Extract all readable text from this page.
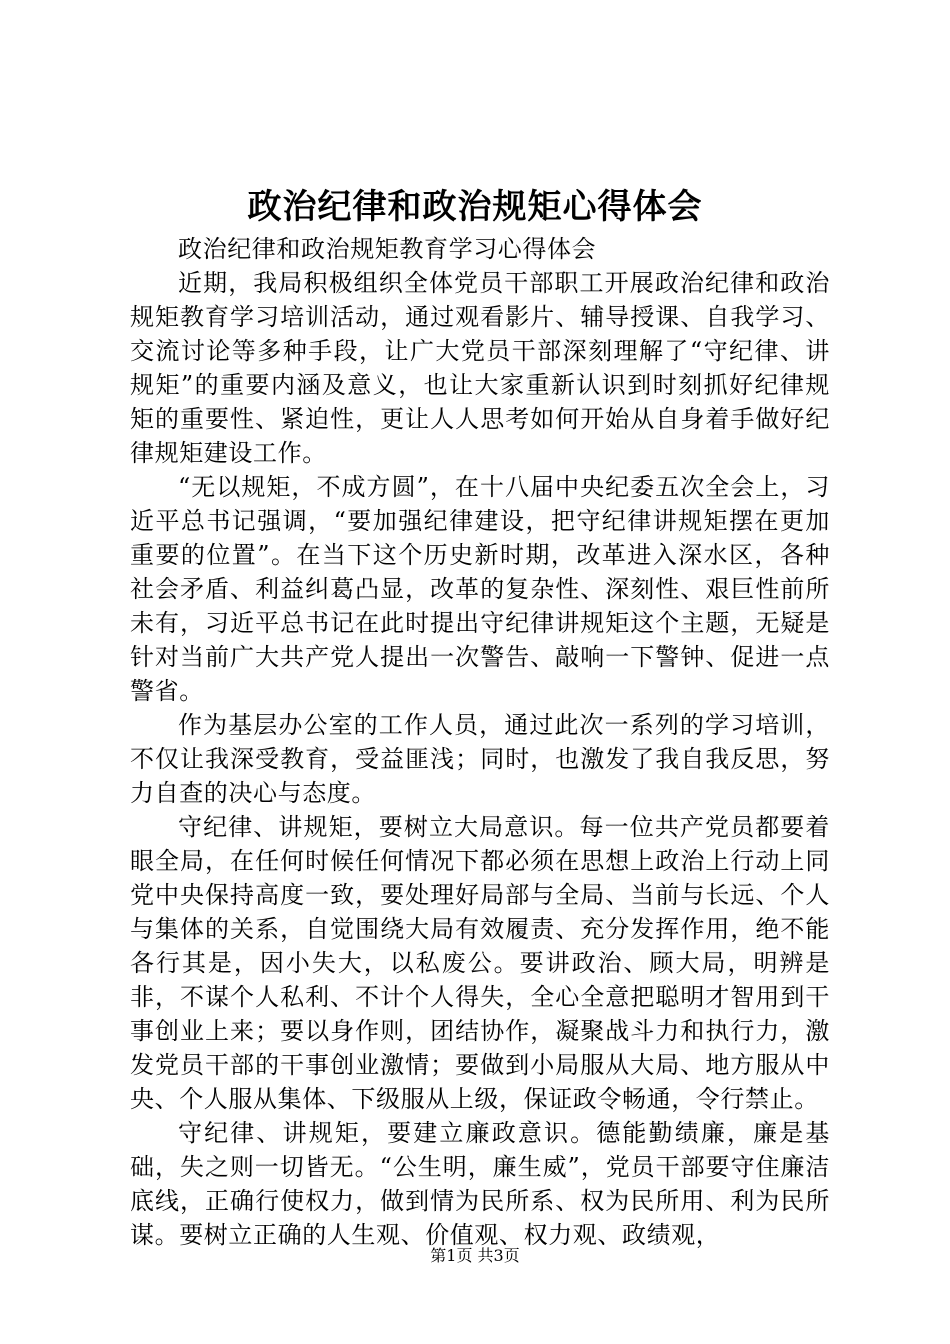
政治纪律和政治规矩心得体会

政治纪律和政治规矩教育学习心得体会

近期，我局积极组织全体党员干部职工开展政治纪律和政治规矩教育学习培训活动，通过观看影片、辅导授课、自我学习、交流讨论等多种手段，让广大党员干部深刻理解了“守纪律、讲规矩”的重要内涵及意义，也让大家重新认识到时刻抓好纪律规矩的重要性、紧迫性，更让人人思考如何开始从自身着手做好纪律规矩建设工作。

“无以规矩，不成方圆”，在十八届中央纪委五次全会上，习近平总书记强调，“要加强纪律建设，把守纪律讲规矩摆在更加重要的位置”。在当下这个历史新时期，改革进入深水区，各种社会矛盾、利益纠葛凸显，改革的复杂性、深刻性、艰巨性前所未有，习近平总书记在此时提出守纪律讲规矩这个主题，无疑是针对当前广大共产党人提出一次警告、敲响一下警钟、促进一点警省。

作为基层办公室的工作人员，通过此次一系列的学习培训，不仅让我深受教育，受益匪浅；同时，也激发了我自我反思，努力自查的决心与态度。

守纪律、讲规矩，要树立大局意识。每一位共产党员都要着眼全局，在任何时候任何情况下都必须在思想上政治上行动上同党中央保持高度一致，要处理好局部与全局、当前与长远、个人与集体的关系，自觉围绕大局有效履责、充分发挥作用，绝不能各行其是，因小失大，以私废公。要讲政治、顾大局，明辨是非，不谋个人私利、不计个人得失，全心全意把聪明才智用到干事创业上来；要以身作则，团结协作，凝聚战斗力和执行力，激发党员干部的干事创业激情；要做到小局服从大局、地方服从中央、个人服从集体、下级服从上级，保证政令畅通，令行禁止。

守纪律、讲规矩，要建立廉政意识。德能勤绩廉，廉是基础，失之则一切皆无。“公生明，廉生威”，党员干部要守住廉洁底线，正确行使权力，做到情为民所系、权为民所用、利为民所谋。要树立正确的人生观、价值观、权力观、政绩观，

第1页 共3页
